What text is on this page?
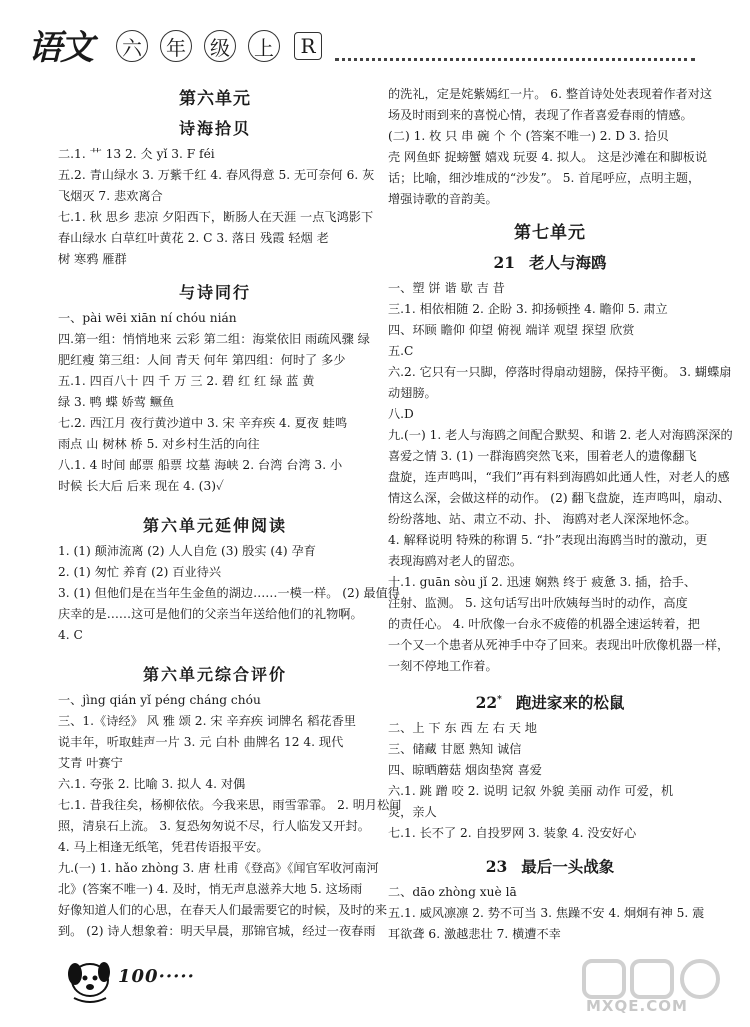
语文 六 年 级 上 R
第六单元
诗海拾贝
二.1. 艹 13 2. 仌 yǐ 3. F féi
五.2. 青山绿水 3. 万紫千红 4. 春风得意 5. 无可奈何 6. 灰
飞烟灭 7. 悲欢离合
七.1. 秋 思乡 悲凉 夕阳西下，断肠人在天涯 一点飞鸿影下
春山绿水 白草红叶黄花 2. C 3. 落日 残霞 轻烟 老
树 寒鸦 雁群
与诗同行
一、pài wēi xiān ní chóu nián
四.第一组：悄悄地来 云彩 第二组：海棠依旧 雨疏风骤 绿
肥红瘦 第三组：人间 青天 何年 第四组：何时了 多少
五.1. 四百八十 四 千 万 三 2. 碧 红 红 绿 蓝 黄
绿 3. 鸭 蝶 娇莺 鳜鱼
七.2. 西江月 夜行黄沙道中 3. 宋 辛弃疾 4. 夏夜 蛙鸣
雨点 山 树林 桥 5. 对乡村生活的向往
八.1. 4 时间 邮票 船票 坟墓 海峡 2. 台湾 台湾 3. 小
时候 长大后 后来 现在 4. (3)✓
第六单元延伸阅读
1. (1) 颠沛流离 (2) 人人自危 (3) 殷实 (4) 孕育
2. (1) 匆忙 养育 (2) 百业待兴
3. (1) 但他们是在当年生金鱼的湖边……一模一样。 (2) 最值得
庆幸的是……这可是他们的父亲当年送给他们的礼物啊。
4. C
第六单元综合评价
一、jìng qián yǐ péng cháng chóu
三、1.《诗经》 风 雅 颂 2. 宋 辛弃疾 词牌名 稻花香里
说丰年，听取蛙声一片 3. 元 白朴 曲牌名 12 4. 现代
艾青 叶赛宁
六.1. 夸张 2. 比喻 3. 拟人 4. 对偶
七.1. 昔我往矣，杨柳依依。今我来思，雨雪霏霏。 2. 明月松间
照，清泉石上流。 3. 复恐匆匆说不尽，行人临发又开封。
4. 马上相逢无纸笔，凭君传语报平安。
九.(一) 1. hǎo zhòng 3. 唐 杜甫《登高》《闻官军收河南河
北》(答案不唯一) 4. 及时，悄无声息滋养大地 5. 这场雨
好像知道人们的心思，在春天人们最需要它的时候，及时的来
到。 (2) 诗人想象着：明天早晨，那锦官城，经过一夜春雨
的洗礼，定是姹紫嫣红一片。 6. 整首诗处处表现着作者对这
场及时雨到来的喜悦心情，表现了作者喜爱春雨的情感。
(二) 1. 枚 只 串 碗 个 个 (答案不唯一) 2. D 3. 拾贝
壳 网鱼虾 捉螃蟹 嬉戏 玩耍 4. 拟人。 这是沙滩在和脚板说
话；比喻，细沙堆成的“沙发”。 5. 首尾呼应，点明主题，
增强诗歌的音韵美。
第七单元
21 老人与海鸥
一、塑 饼 谐 歇 吉 昔
三.1. 相依相随 2. 企盼 3. 抑扬顿挫 4. 瞻仰 5. 肃立
四、环顾 瞻仰 仰望 俯视 端详 观望 探望 欣赏
五.C
六.2. 它只有一只脚，停落时得扇动翅膀，保持平衡。 3. 蝴蝶扇
动翅膀。
八.D
九.(一) 1. 老人与海鸥之间配合默契、和谐 2. 老人对海鸥深深的
喜爱之情 3. (1) 一群海鸥突然飞来，围着老人的遗像翻飞
盘旋，连声鸣叫，“我们”再有料到海鸥如此通人性，对老人的感
情这么深，会做这样的动作。 (2) 翻飞盘旋，连声鸣叫，扇动、
纷纷落地、站、肃立不动、扑、 海鸥对老人深深地怀念。
4. 解释说明 特殊的称谓 5. “扑”表现出海鸥当时的激动，更
表现海鸥对老人的留恋。
十.1. guān sòu jǐ 2. 迅速 娴熟 终于 疲惫 3. 插，拾手、
注射、监测。 5. 这句话写出叶欣姨每当时的动作，高度
的责任心。 4. 叶欣像一台永不疲倦的机器全速运转着，把
一个又一个患者从死神手中夺了回来。表现出叶欣像机器一样，
一刻不停地工作着。
22* 跑进家来的松鼠
二、上 下 东 西 左 右 天 地
三、储藏 甘愿 熟知 诚信
四、晾晒蘑菇 烟囱垫窝 喜爱
六.1. 跳 蹭 咬 2. 说明 记叙 外貌 美丽 动作 可爱，机
灵，亲人
七.1. 长不了 2. 自投罗网 3. 装象 4. 没安好心
23 最后一头战象
二、dāo zhòng xuè lā
五.1. 威风凛凛 2. 势不可当 3. 焦躁不安 4. 炯炯有神 5. 震
耳欲聋 6. 激越悲壮 7. 横遭不幸
100·····
MXQE.COM
